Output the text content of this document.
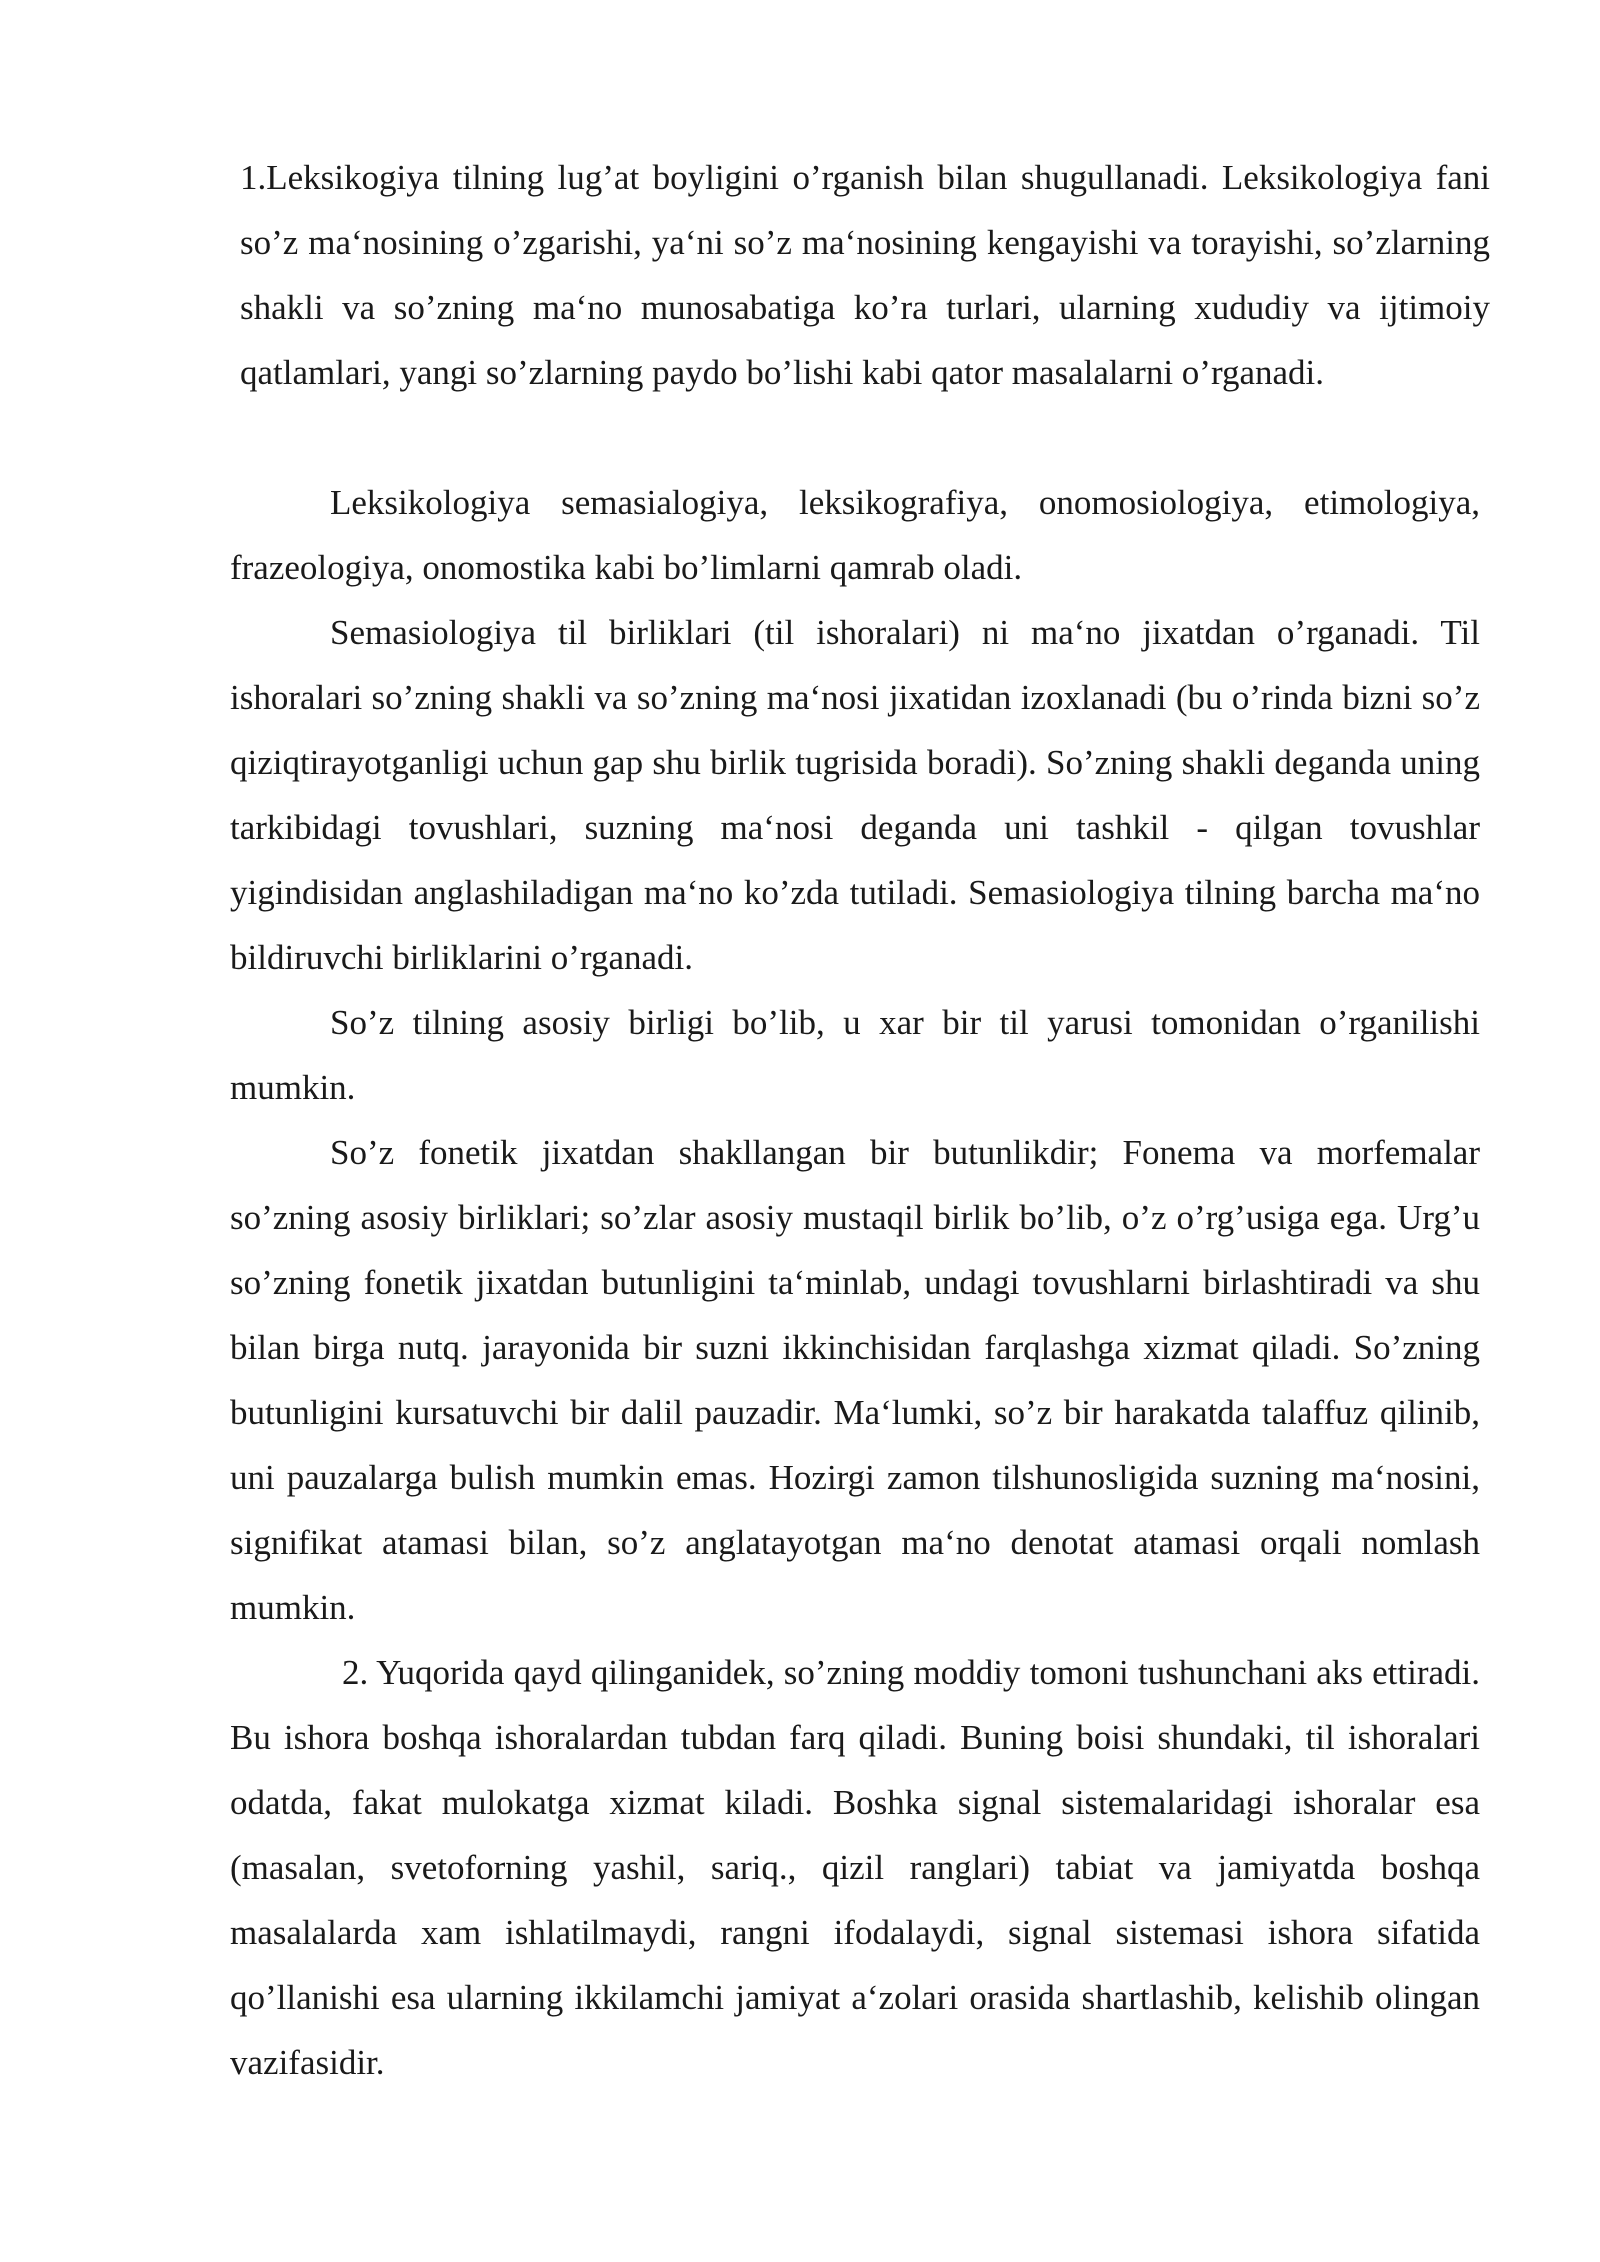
1.Leksikogiya tilning lug’at boyligini o’rganish bilan shugullanadi. Leksikologiya fani so’z ma‘nosining o’zgarishi, ya‘ni so’z ma‘nosining kengayishi va torayishi, so’zlarning shakli va so’zning ma‘no munosabatiga ko’ra turlari, ularning xududiy va ijtimoiy qatlamlari, yangi so’zlarning paydo bo’lishi kabi qator masalalarni o’rganadi.

Leksikologiya semasialogiya, leksikografiya, onomosiologiya, etimologiya, frazeologiya, onomostika kabi bo’limlarni qamrab oladi.

Semasiologiya til birliklari (til ishoralari) ni ma‘no jixatdan o’rganadi. Til ishoralari so’zning shakli va so’zning ma‘nosi jixatidan izoxlanadi (bu o’rinda bizni so’z qiziqtirayotganligi uchun gap shu birlik tugrisida boradi). So’zning shakli deganda uning tarkibidagi tovushlari, suzning ma‘nosi deganda uni tashkil - qilgan tovushlar yigindisidan anglashiladigan ma‘no ko’zda tutiladi. Semasiologiya tilning barcha ma‘no bildiruvchi birliklarini o’rganadi.

So’z tilning asosiy birligi bo’lib, u xar bir til yarusi tomonidan o’rganilishi mumkin.

So’z fonetik jixatdan shakllangan bir butunlikdir; Fonema va morfemalar so’zning asosiy birliklari; so’zlar asosiy mustaqil birlik bo’lib, o’z o’rg’usiga ega. Urg’u so’zning fonetik jixatdan butunligini ta‘minlab, undagi tovushlarni birlashtiradi va shu bilan birga nutq. jarayonida bir suzni ikkinchisidan farqlashga xizmat qiladi. So’zning butunligini kursatuvchi bir dalil pauzadir. Ma‘lumki, so’z bir harakatda talaffuz qilinib, uni pauzalarga bulish mumkin emas. Hozirgi zamon tilshunosligida suzning ma‘nosini, signifikat atamasi bilan, so’z anglatayotgan ma‘no denotat atamasi orqali nomlash mumkin.

2. Yuqorida qayd qilinganidek, so’zning moddiy tomoni tushunchani aks ettiradi. Bu ishora boshqa ishoralardan tubdan farq qiladi. Buning boisi shundaki, til ishoralari odatda, fakat mulokatga xizmat kiladi. Boshka signal sistemalaridagi ishoralar esa (masalan, svetoforning yashil, sariq., qizil ranglari) tabiat va jamiyatda boshqa masalalarda xam ishlatilmaydi, rangni ifodalaydi, signal sistemasi ishora sifatida qo’llanishi esa ularning ikkilamchi jamiyat a‘zolari orasida shartlashib, kelishib olingan vazifasidir.
